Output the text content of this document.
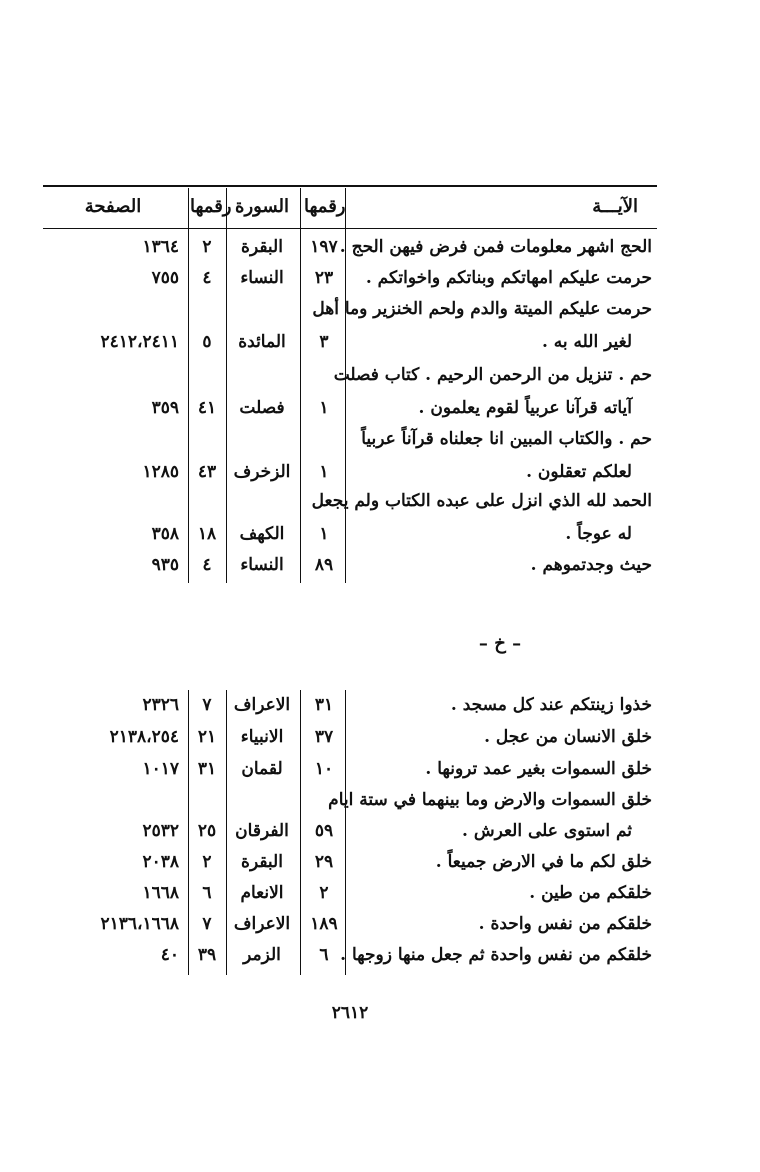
الآيـــة
رقمها
السورة
رقمها
الصفحة
الحج اشهر معلومات فمن فرض فيهن الحج .
١٩٧
البقرة
٢
١٣٦٤
حرمت عليكم امهاتكم وبناتكم واخواتكم .
٢٣
النساء
٤
٧٥٥
حرمت عليكم الميتة والدم ولحم الخنزير وما أهل
لغير الله به .
٣
المائدة
٥
٢٤١٢،٢٤١١
حم . تنزيل من الرحمن الرحيم . كتاب فصلت
آياته قرآنا عربياً لقوم يعلمون .
١
فصلت
٤١
٣٥٩
حم . والكتاب المبين انا جعلناه قرآناً عربياً
لعلكم تعقلون .
١
الزخرف
٤٣
١٢٨٥
الحمد لله الذي انزل على عبده الكتاب ولم يجعل
له عوجاً .
١
الكهف
١٨
٣٥٨
حيث وجدتموهم .
٨٩
النساء
٤
٩٣٥
– خ –
خذوا زينتكم عند كل مسجد .
٣١
الاعراف
٧
٢٣٢٦
خلق الانسان من عجل .
٣٧
الانبياء
٢١
٢١٣٨،٢٥٤
خلق السموات بغير عمد ترونها .
١٠
لقمان
٣١
١٠١٧
خلق السموات والارض وما بينهما في ستة ايام
ثم استوى على العرش .
٥٩
الفرقان
٢٥
٢٥٣٢
خلق لكم ما في الارض جميعاً .
٢٩
البقرة
٢
٢٠٣٨
خلقكم من طين .
٢
الانعام
٦
١٦٦٨
خلقكم من نفس واحدة .
١٨٩
الاعراف
٧
٢١٣٦،١٦٦٨
خلقكم من نفس واحدة ثم جعل منها زوجها .
٦
الزمر
٣٩
٤٠
٢٦١٢
